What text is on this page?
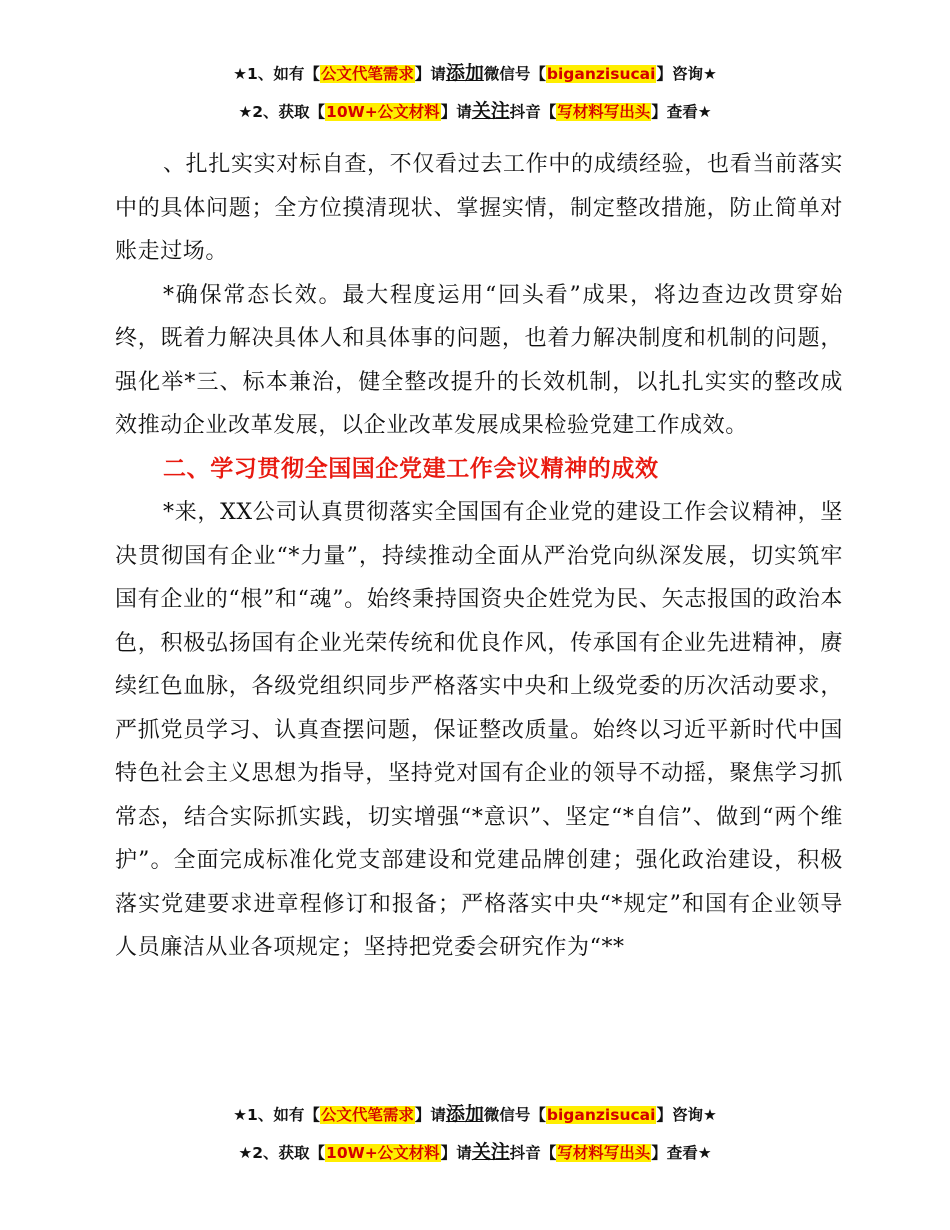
★1、如有【公文代笔需求】请添加微信号【biganzisucai】咨询★
★2、获取【10W+公文材料】请关注抖音【写材料写出头】查看★

、扎扎实实对标自查，不仅看过去工作中的成绩经验，也看当前落实中的具体问题；全方位摸清现状、掌握实情，制定整改措施，防止简单对账走过场。

*确保常态长效。最大程度运用“回头看”成果，将边查边改贯穿始终，既着力解决具体人和具体事的问题，也着力解决制度和机制的问题，强化举*三、标本兼治，健全整改提升的长效机制，以扎扎实实的整改成效推动企业改革发展，以企业改革发展成果检验党建工作成效。

二、学习贯彻全国国企党建工作会议精神的成效

*来，XX公司认真贯彻落实全国国有企业党的建设工作会议精神，坚决贯彻国有企业“*力量”，持续推动全面从严治党向纵深发展，切实筑牢国有企业的“根”和“魂”。始终秉持国资央企姓党为民、矢志报国的政治本色，积极弘扬国有企业光荣传统和优良作风，传承国有企业先进精神，赓续红色血脉，各级党组织同步严格落实中央和上级党委的历次活动要求，严抓党员学习、认真查摆问题，保证整改质量。始终以习近平新时代中国特色社会主义思想为指导，坚持党对国有企业的领导不动摇，聚焦学习抓常态，结合实际抓实践，切实增强“*意识”、坚定“*自信”、做到“两个维护”。全面完成标准化党支部建设和党建品牌创建；强化政治建设，积极落实党建要求进章程修订和报备；严格落实中央“*规定”和国有企业领导人员廉洁从业各项规定；坚持把党委会研究作为“**

★1、如有【公文代笔需求】请添加微信号【biganzisucai】咨询★
★2、获取【10W+公文材料】请关注抖音【写材料写出头】查看★
